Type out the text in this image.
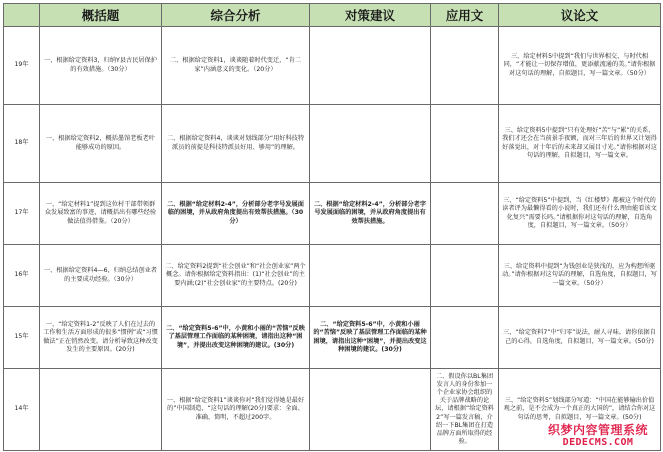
	概括题	综合分析	对策建议	应用文	议论文
19年	一、根据给定资料3，归纳Y县古民居保护的有效措施。（30分）	二、根据给定资料1，谈谈随着时代变迁，“肯二家”内涵意义的变化。（20分）			三、给定材料5中提到“我们与世界相交，与时代相同，“才能让一切保存增值，更添献流通的美。”请你根据对这句话的理解，自拟题目，写一篇文章。（50分）
18年	一、根据给定资料2，概括墨馆老板老叶能够成功的原因。	二、根据给定资料4，谈谈对划线部分“用好科技特派员的前提是科技特派员好用、够用”的理解。			三、给定资料5中提到“只有处理好“苦”与“累”的关系，我们才还会在当前景手夜额，而对三年后的世界又计划得好落觉出，对十年后的未来却又展目寸光。”请你根据对这句话的理解，自拟题目，写一篇文章。
17年	一、“给定材料1”提到这位村干部带领群众发展致富的事迹，请概括出有哪些经验做法值得借鉴。（20分）	二、根据“给定材料2-4”，分析部分老字号发展面临的困境，并从政府角度提出有效帮扶措施。（30分）	二、根据“给定材料2-4”，分析部分老字号发展面临的困境，并从政府角度提出有效帮扶措施。		三、“给定资料5”中提到，当《红楼梦》都被这个时代的读者评为最懒得看的小说时，我们还有什么理由能看该文化复兴”需要长吗。”请根据你对这句话的理解，自选角度，自拟题目，写一篇文章。（50分）
16年	一、根据给定资料4—6，归纳总结创业者的主要成功经验。（30分）	二、给定资料2提到“社会创业”和“社会创业家”两个概念。请你根据给定资料指出：(1)“社会创业”的主要内涵;(2)“社会创业家”的主要特点。(20分)			三、给定资料中提到“为钱创业是狭浅的，应为构想所驱动。”请你根据对这句话的理解，自选角度，自拟题目，写一篇文章。（50分）
15年	一、“给定资料1-2”反映了人们在过去的工作和生活方面形成的很多“惯例”或“习惯做法”正在悄然改变。请分析导致这种改变发生的主要原因。(20分)	二、“给定资料5-6”中，小黄和小丽的“苦恼”反映了基层管理工作面临的某种困境，请指出这种“困境”，并提出改变这种困境的建议。(30分)	二、“给定资料5-6”中，小黄和小丽的“苦恼”反映了基层管理工作面临的某种困境，请指出这种“困境”，并提出改变这种困境的建议。(30分)		三、“给定资料7”中“归零”说法，耐人寻味。请你依据自己的心得，自选角度，自拟题目，写一篇文章。(50分)
14年		一、根据“给定资料1”谈谈你对“我们觉得她是最好的”中国制造，“这句话的理解(20分)要求：全面、准确、简明，不超过200字。		二、假设你以BL集团发言人的身份参加一个企业家协会组织的关于品牌战略的论坛，请根据“给定资料2”写一篇发言稿，介绍一下BL集团在打造品牌方面所取得的经验。	三、“给定资料5”划线部分写道：“中国在能够输出价值观之前，是不会成为一个真正的大国的”，请结合你对这句话的思考，自拟题目，写一篇文章。(50分)
织梦内容管理系统
DEDECMS.COM
